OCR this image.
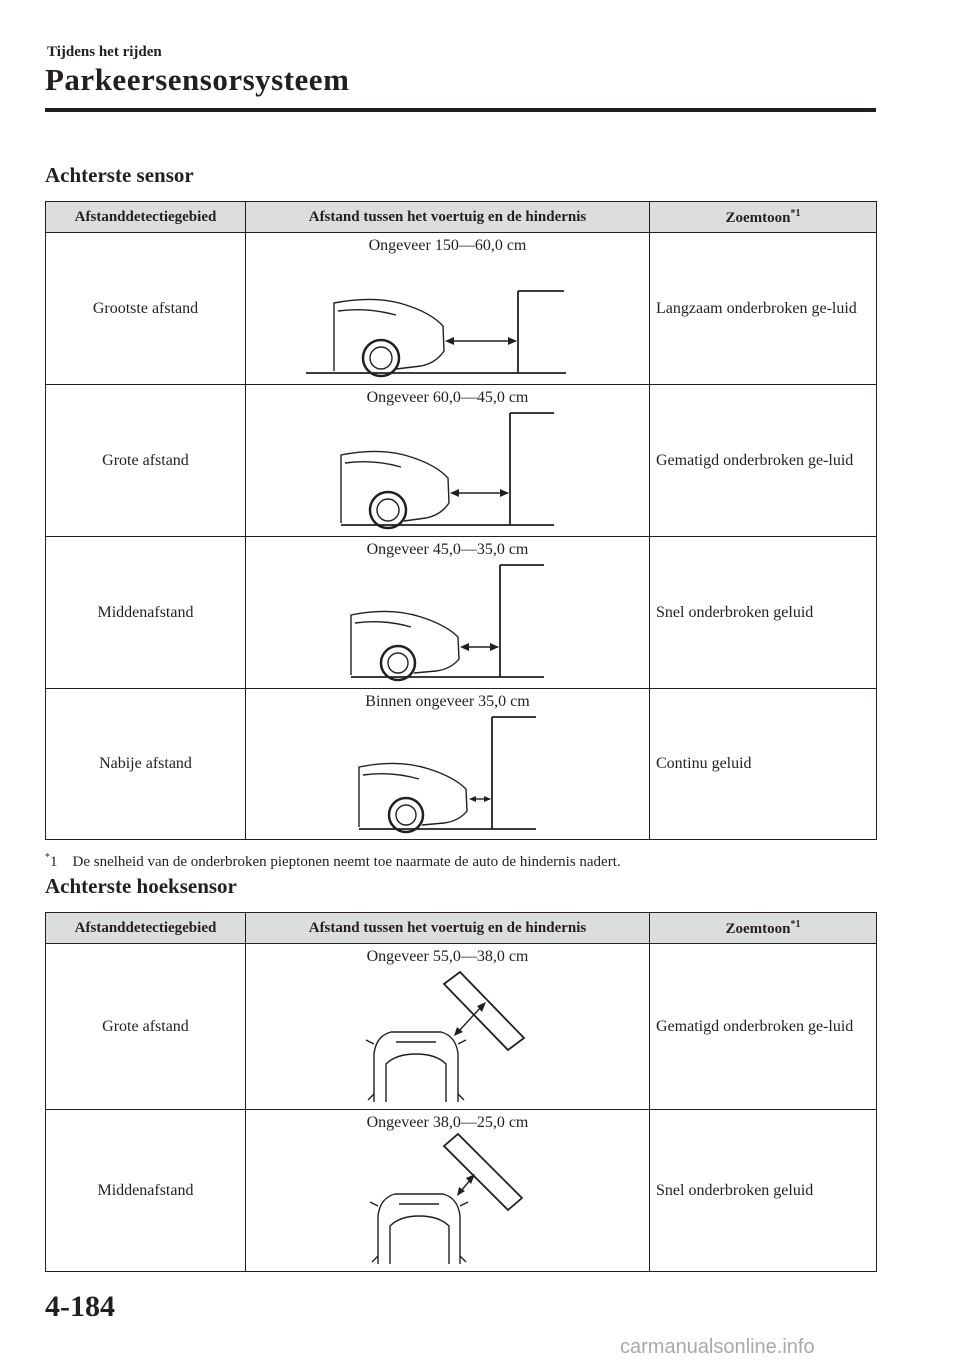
Tijdens het rijden
Parkeersensorsysteem
Achterste sensor
Afstanddetectiegebied	Afstand tussen het voertuig en de hindernis	Zoemtoon$^{*1}$
Grootste afstand	Ongeveer 150―60,0 cm	Langzaam onderbroken ge-luid
Grote afstand	Ongeveer 60,0―45,0 cm	Gematigd onderbroken ge-luid
Middenafstand	Ongeveer 45,0―35,0 cm	Snel onderbroken geluid
Nabije afstand	Binnen ongeveer 35,0 cm	Continu geluid
*1 De snelheid van de onderbroken pieptonen neemt toe naarmate de auto de hindernis nadert.
Achterste hoeksensor
Afstanddetectiegebied	Afstand tussen het voertuig en de hindernis	Zoemtoon$^{*1}$
Grote afstand	Ongeveer 55,0―38,0 cm	Gematigd onderbroken ge-luid
Middenafstand	Ongeveer 38,0―25,0 cm	Snel onderbroken geluid
4-184
carmanualsonline.info
